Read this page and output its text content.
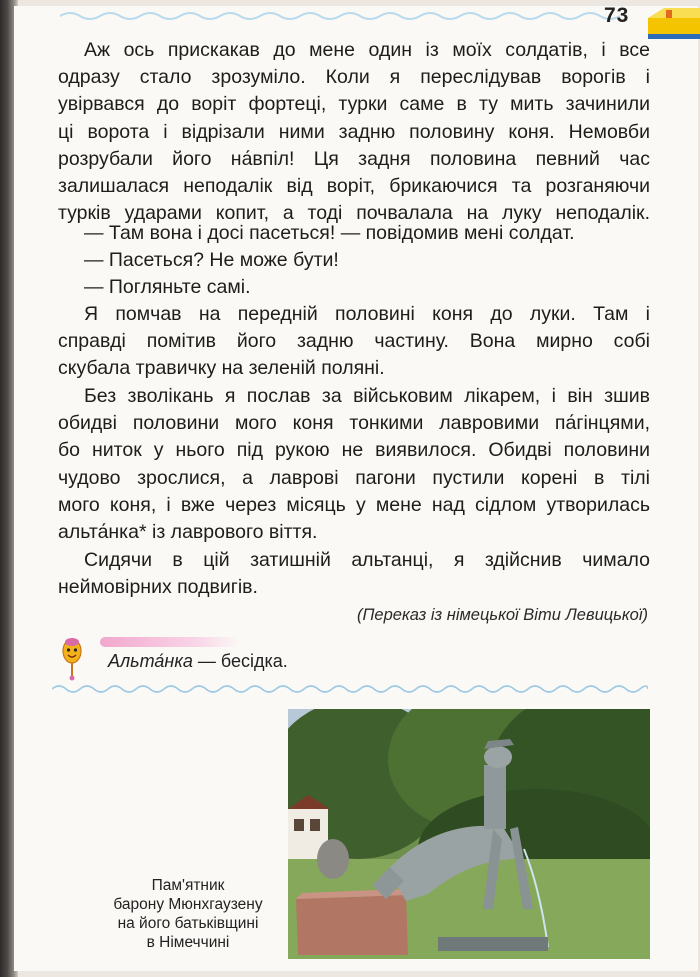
73

Аж ось прискакав до мене один із моїх солдатів, і все
одразу стало зрозуміло. Коли я переслідував ворогів і
увірвався до воріт фортеці, турки саме в ту мить зачинили
ці ворота і відрізали ними задню половину коня. Немовби
розрубали його на́впіл! Ця задня половина певний час
залишалася неподалік від воріт, брикаючися та розганяючи
турків ударами копит, а тоді почвалала на луку неподалік.

— Там вона і досі пасеться! — повідомив мені солдат.

— Пасеться? Не може бути!

— Погляньте самі.

Я помчав на передній половині коня до луки. Там і
справді помітив його задню частину. Вона мирно собі
скубала травичку на зеленій поляні.

Без зволікань я послав за військовим лікарем, і він зшив
обидві половини мого коня тонкими лавровими па́гінцями,
бо ниток у нього під рукою не виявилося. Обидві половини
чудово зрослися, а лаврові пагони пустили корені в тілі
мого коня, і вже через місяць у мене над сідлом утворилась
альта́нка* із лаврового віття.

Сидячи в цій затишній альтанці, я здійснив чимало
неймовірних подвигів.

(Переказ із німецької Віти Левицької)
Альта́нка — бесідка.
Пам'ятник
барону Мюнхгаузену
на його батьківщині
в Німеччині
